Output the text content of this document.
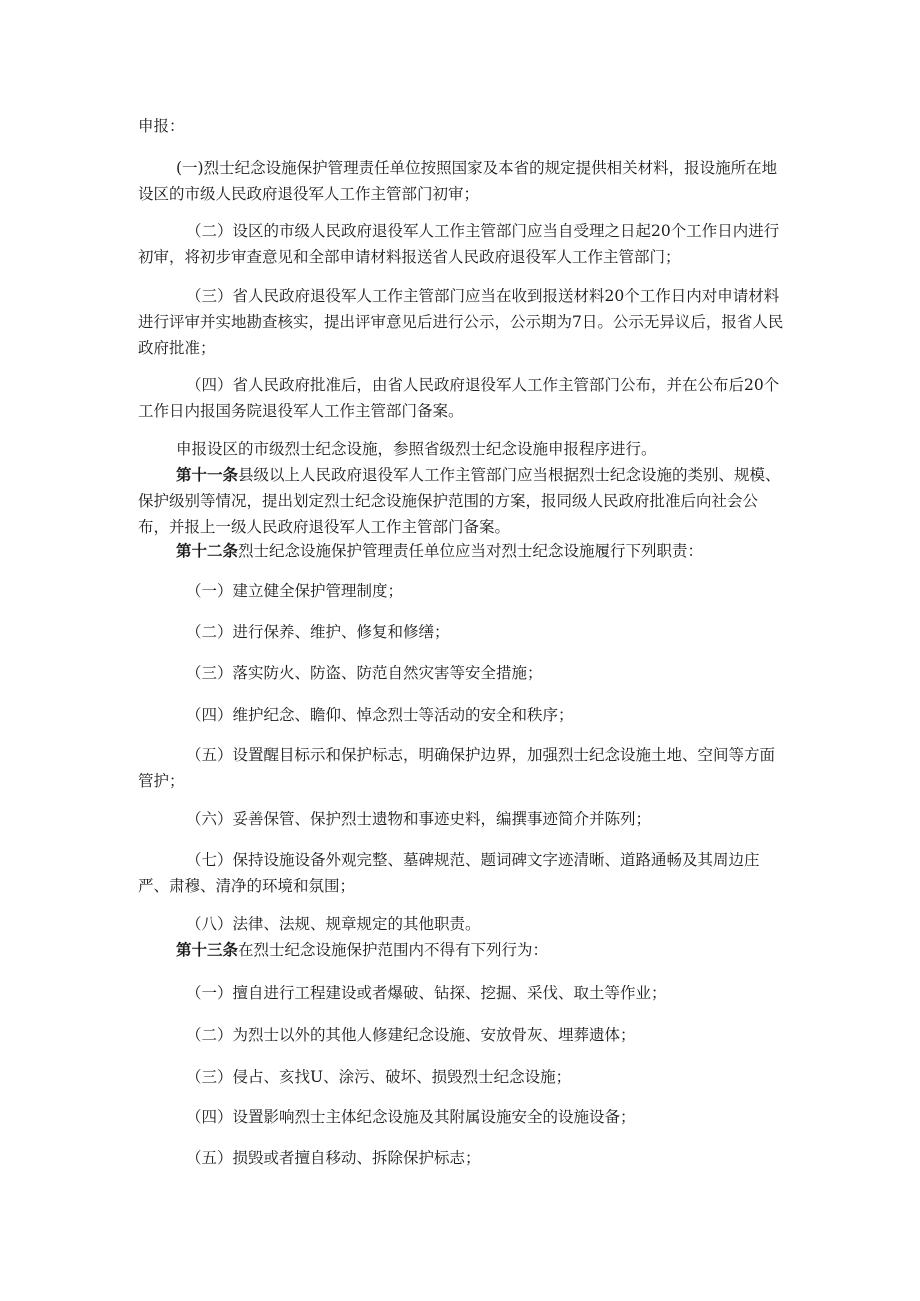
申报：

(一)烈士纪念设施保护管理责任单位按照国家及本省的规定提供相关材料，报设施所在地设区的市级人民政府退役军人工作主管部门初审；

（二）设区的市级人民政府退役军人工作主管部门应当自受理之日起20个工作日内进行初审，将初步审查意见和全部申请材料报送省人民政府退役军人工作主管部门；

（三）省人民政府退役军人工作主管部门应当在收到报送材料20个工作日内对申请材料进行评审并实地勘查核实，提出评审意见后进行公示，公示期为7日。公示无异议后，报省人民政府批准；

（四）省人民政府批准后，由省人民政府退役军人工作主管部门公布，并在公布后20个工作日内报国务院退役军人工作主管部门备案。

申报设区的市级烈士纪念设施，参照省级烈士纪念设施申报程序进行。

第十一条县级以上人民政府退役军人工作主管部门应当根据烈士纪念设施的类别、规模、保护级别等情况，提出划定烈士纪念设施保护范围的方案，报同级人民政府批准后向社会公布，并报上一级人民政府退役军人工作主管部门备案。

第十二条烈士纪念设施保护管理责任单位应当对烈士纪念设施履行下列职责：

（一）建立健全保护管理制度；

（二）进行保养、维护、修复和修缮；

（三）落实防火、防盗、防范自然灾害等安全措施；

（四）维护纪念、瞻仰、悼念烈士等活动的安全和秩序；

（五）设置醒目标示和保护标志，明确保护边界，加强烈士纪念设施土地、空间等方面管护；

（六）妥善保管、保护烈士遗物和事迹史料，编撰事迹简介并陈列；

（七）保持设施设备外观完整、墓碑规范、题词碑文字迹清晰、道路通畅及其周边庄严、肃穆、清净的环境和氛围；

（八）法律、法规、规章规定的其他职责。

第十三条在烈士纪念设施保护范围内不得有下列行为：

（一）擅自进行工程建设或者爆破、钻探、挖掘、采伐、取土等作业；

（二）为烈士以外的其他人修建纪念设施、安放骨灰、埋葬遗体；

（三）侵占、亥找U、涂污、破坏、损毁烈士纪念设施；

（四）设置影响烈士主体纪念设施及其附属设施安全的设施设备；

（五）损毁或者擅自移动、拆除保护标志；
